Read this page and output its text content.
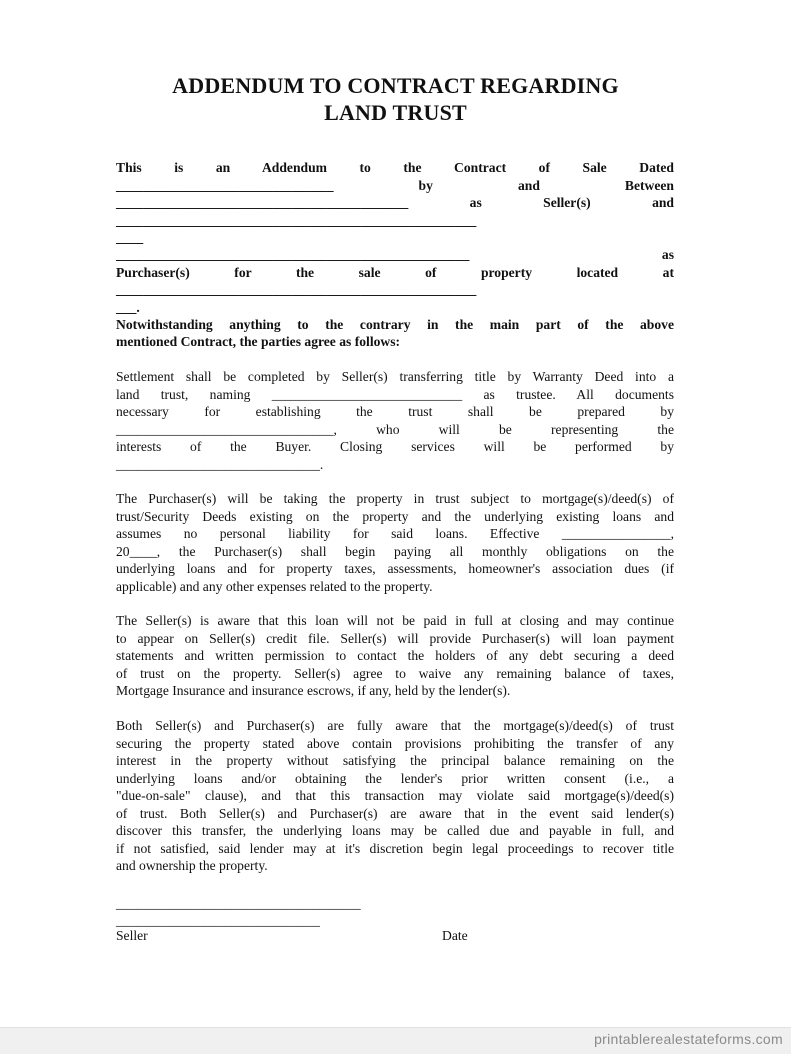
ADDENDUM TO CONTRACT REGARDING
LAND TRUST
This is an Addendum to the Contract of Sale Dated
________________________________ by and Between
___________________________________________ as Seller(s) and
_____________________________________________________
____
____________________________________________________ as
Purchaser(s) for the sale of property located at
_____________________________________________________
___.
Notwithstanding anything to the contrary in the main part of the above
mentioned Contract, the parties agree as follows:
Settlement shall be completed by Seller(s) transferring title by Warranty Deed into a
land trust, naming ____________________________ as trustee. All documents
necessary for establishing the trust shall be prepared by
________________________________, who will be representing the
interests of the Buyer. Closing services will be performed by
______________________________.
The Purchaser(s) will be taking the property in trust subject to mortgage(s)/deed(s) of
trust/Security Deeds existing on the property and the underlying existing loans and
assumes no personal liability for said loans. Effective ________________,
20____, the Purchaser(s) shall begin paying all monthly obligations on the
underlying loans and for property taxes, assessments, homeowner's association dues (if
applicable) and any other expenses related to the property.
The Seller(s) is aware that this loan will not be paid in full at closing and may continue
to appear on Seller(s) credit file. Seller(s) will provide Purchaser(s) will loan payment
statements and written permission to contact the holders of any debt securing a deed
of trust on the property. Seller(s) agree to waive any remaining balance of taxes,
Mortgage Insurance and insurance escrows, if any, held by the lender(s).
Both Seller(s) and Purchaser(s) are fully aware that the mortgage(s)/deed(s) of trust
securing the property stated above contain provisions prohibiting the transfer of any
interest in the property without satisfying the principal balance remaining on the
underlying loans and/or obtaining the lender's prior written consent (i.e., a
"due-on-sale" clause), and that this transaction may violate said mortgage(s)/deed(s)
of trust. Both Seller(s) and Purchaser(s) are aware that in the event said lender(s)
discover this transfer, the underlying loans may be called due and payable in full, and
if not satisfied, said lender may at it's discretion begin legal proceedings to recover title
and ownership the property.
____________________________________
______________________________
Seller	Date
printablerealestateforms.com
